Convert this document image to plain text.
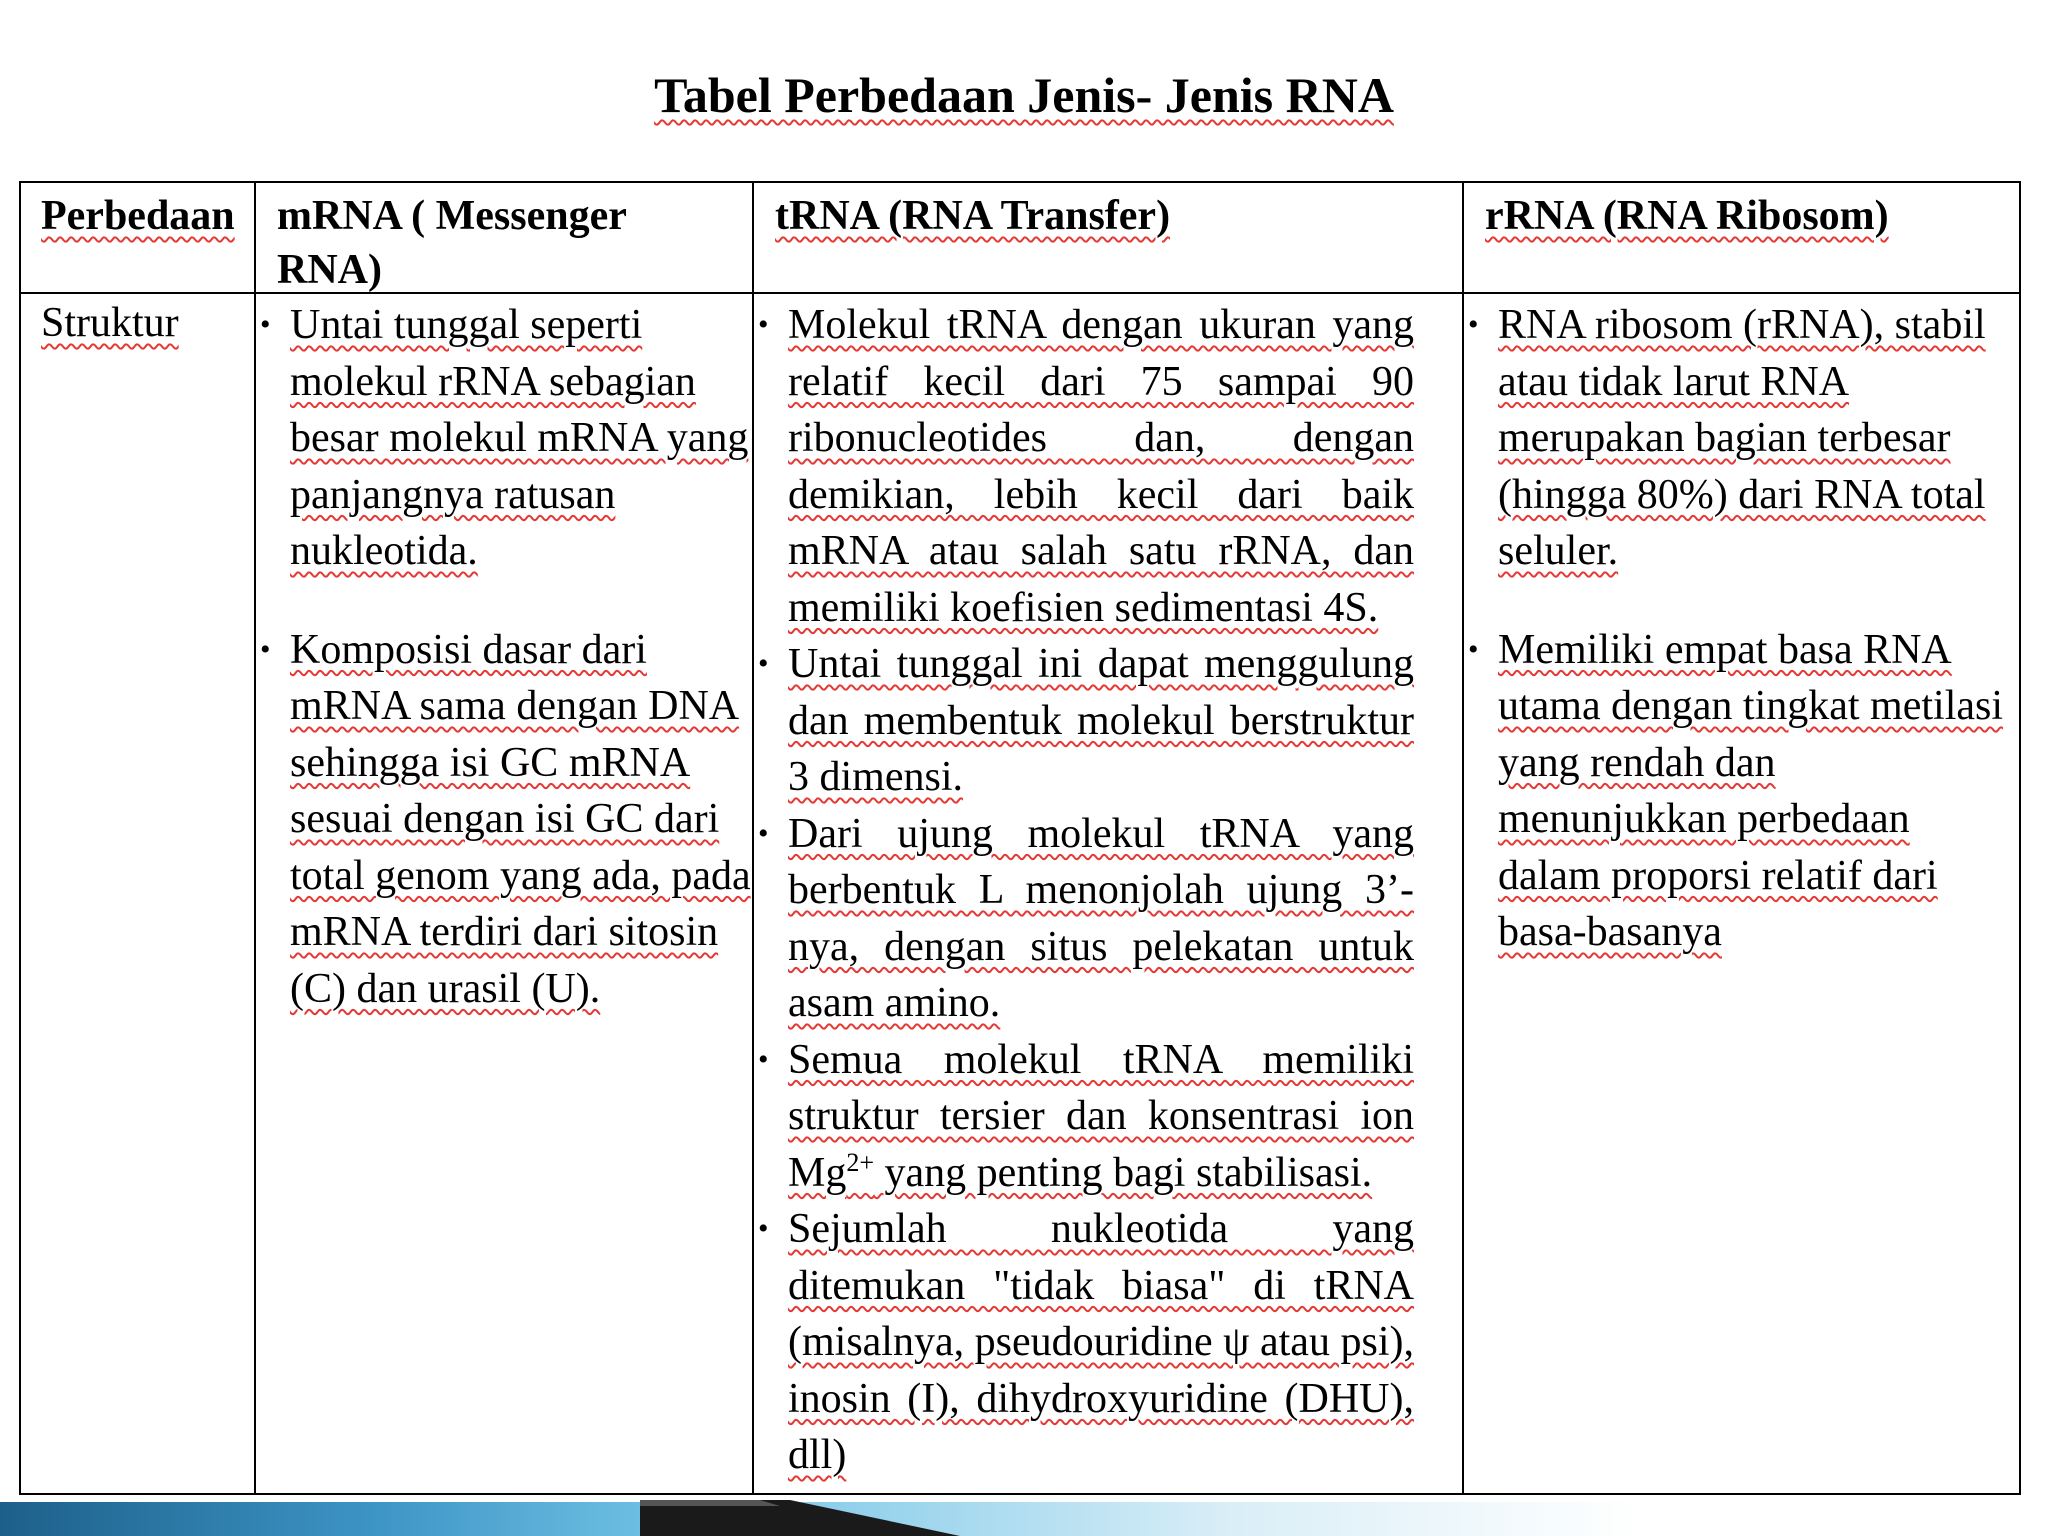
Tabel Perbedaan Jenis- Jenis RNA
Perbedaan mRNA ( Messenger
RNA)
tRNA (RNA Transfer)	rRNA (RNA Ribosom)
Struktur	• Untai tunggal seperti molekul rRNA sebagian besar molekul mRNA yang panjangnya ratusan nukleotida.
• Komposisi dasar dari mRNA sama dengan DNA sehingga isi GC mRNA sesuai dengan isi GC dari total genom yang ada, pada mRNA terdiri dari sitosin (C) dan urasil (U).
• Molekul tRNA dengan ukuran yang relatif kecil dari 75 sampai 90 ribonucleotides dan, dengan demikian, lebih kecil dari baik mRNA atau salah satu rRNA, dan memiliki koefisien sedimentasi 4S.
• Untai tunggal ini dapat menggulung dan membentuk molekul berstruktur 3 dimensi.
• Dari ujung molekul tRNA yang berbentuk L menonjolah ujung 3’-nya, dengan situs pelekatan untuk asam amino.
• Semua molekul tRNA memiliki struktur tersier dan konsentrasi ion $Mg^{2+}$ yang penting bagi stabilisasi.
• Sejumlah nukleotida yang ditemukan "tidak biasa" di tRNA (misalnya, pseudouridine ψ atau psi), inosin (I), dihydroxyuridine (DHU), dll)
• RNA ribosom (rRNA), stabil atau tidak larut RNA merupakan bagian terbesar (hingga 80%) dari RNA total seluler.
• Memiliki empat basa RNA utama dengan tingkat metilasi yang rendah dan menunjukkan perbedaan dalam proporsi relatif dari basa-basanya
